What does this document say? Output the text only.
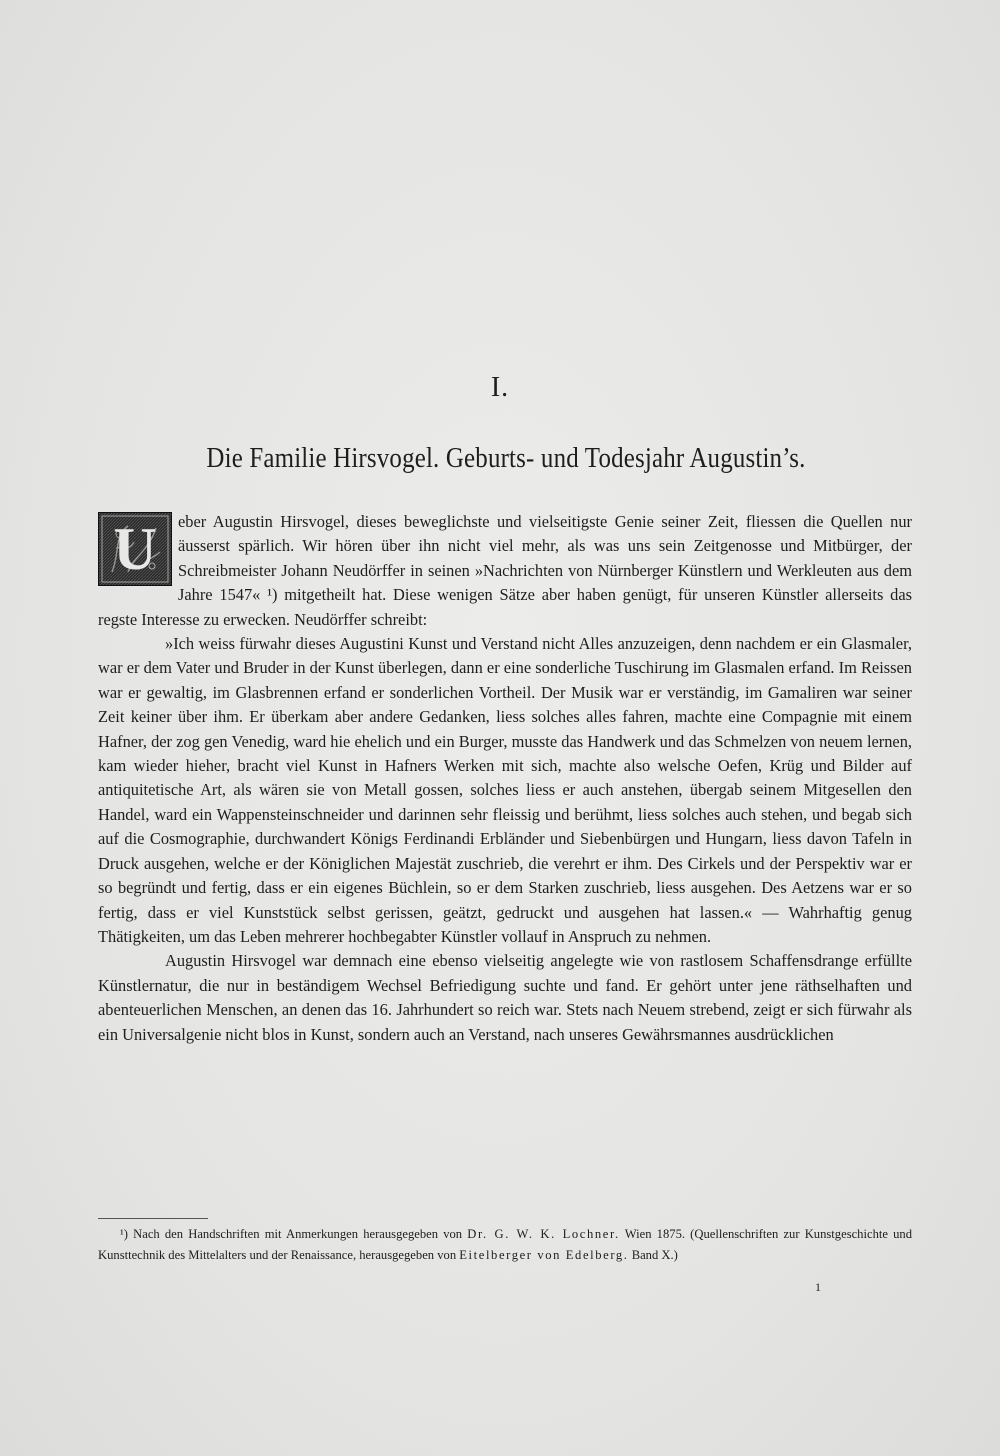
I.
Die Familie Hirsvogel. Geburts- und Todesjahr Augustin’s.

U	eber Augustin Hirsvogel, dieses beweglichste und vielseitigste Genie seiner Zeit, fliessen die Quellen nur äusserst spärlich. Wir hören über ihn nicht viel mehr, als was uns sein Zeitgenosse und Mitbürger, der Schreibmeister Johann Neudörffer in seinen »Nachrichten von Nürnberger Künstlern und Werkleuten aus dem Jahre 1547« ¹) mitgetheilt hat. Diese wenigen Sätze aber haben genügt, für unseren Künstler allerseits das regste Interesse zu erwecken. Neudörffer schreibt:

»Ich weiss fürwahr dieses Augustini Kunst und Verstand nicht Alles anzuzeigen, denn nachdem er ein Glasmaler, war er dem Vater und Bruder in der Kunst überlegen, dann er eine sonderliche Tuschirung im Glasmalen erfand. Im Reissen war er gewaltig, im Glasbrennen erfand er sonderlichen Vortheil. Der Musik war er verständig, im Gamaliren war seiner Zeit keiner über ihm. Er überkam aber andere Gedanken, liess solches alles fahren, machte eine Compagnie mit einem Hafner, der zog gen Venedig, ward hie ehelich und ein Burger, musste das Handwerk und das Schmelzen von neuem lernen, kam wieder hieher, bracht viel Kunst in Hafners Werken mit sich, machte also welsche Oefen, Krüg und Bilder auf antiquitetische Art, als wären sie von Metall gossen, solches liess er auch anstehen, übergab seinem Mitgesellen den Handel, ward ein Wappensteinschneider und darinnen sehr fleissig und berühmt, liess solches auch stehen, und begab sich auf die Cosmographie, durchwandert Königs Ferdinandi Erbländer und Siebenbürgen und Hungarn, liess davon Tafeln in Druck ausgehen, welche er der Königlichen Majestät zuschrieb, die verehrt er ihm. Des Cirkels und der Perspektiv war er so begründt und fertig, dass er ein eigenes Büchlein, so er dem Starken zuschrieb, liess ausgehen. Des Aetzens war er so fertig, dass er viel Kunststück selbst gerissen, geätzt, gedruckt und ausgehen hat lassen.« — Wahrhaftig genug Thätigkeiten, um das Leben mehrerer hochbegabter Künstler vollauf in Anspruch zu nehmen.

Augustin Hirsvogel war demnach eine ebenso vielseitig angelegte wie von rastlosem Schaffensdrange erfüllte Künstlernatur, die nur in beständigem Wechsel Befriedigung suchte und fand. Er gehört unter jene räthselhaften und abenteuerlichen Menschen, an denen das 16. Jahrhundert so reich war. Stets nach Neuem strebend, zeigt er sich fürwahr als ein Universalgenie nicht blos in Kunst, sondern auch an Verstand, nach unseres Gewährsmannes ausdrücklichen

¹) Nach den Handschriften mit Anmerkungen herausgegeben von Dr. G. W. K. Lochner. Wien 1875. (Quellenschriften zur Kunstgeschichte und Kunsttechnik des Mittelalters und der Renaissance, herausgegeben von Eitelberger von Edelberg. Band X.)

1
